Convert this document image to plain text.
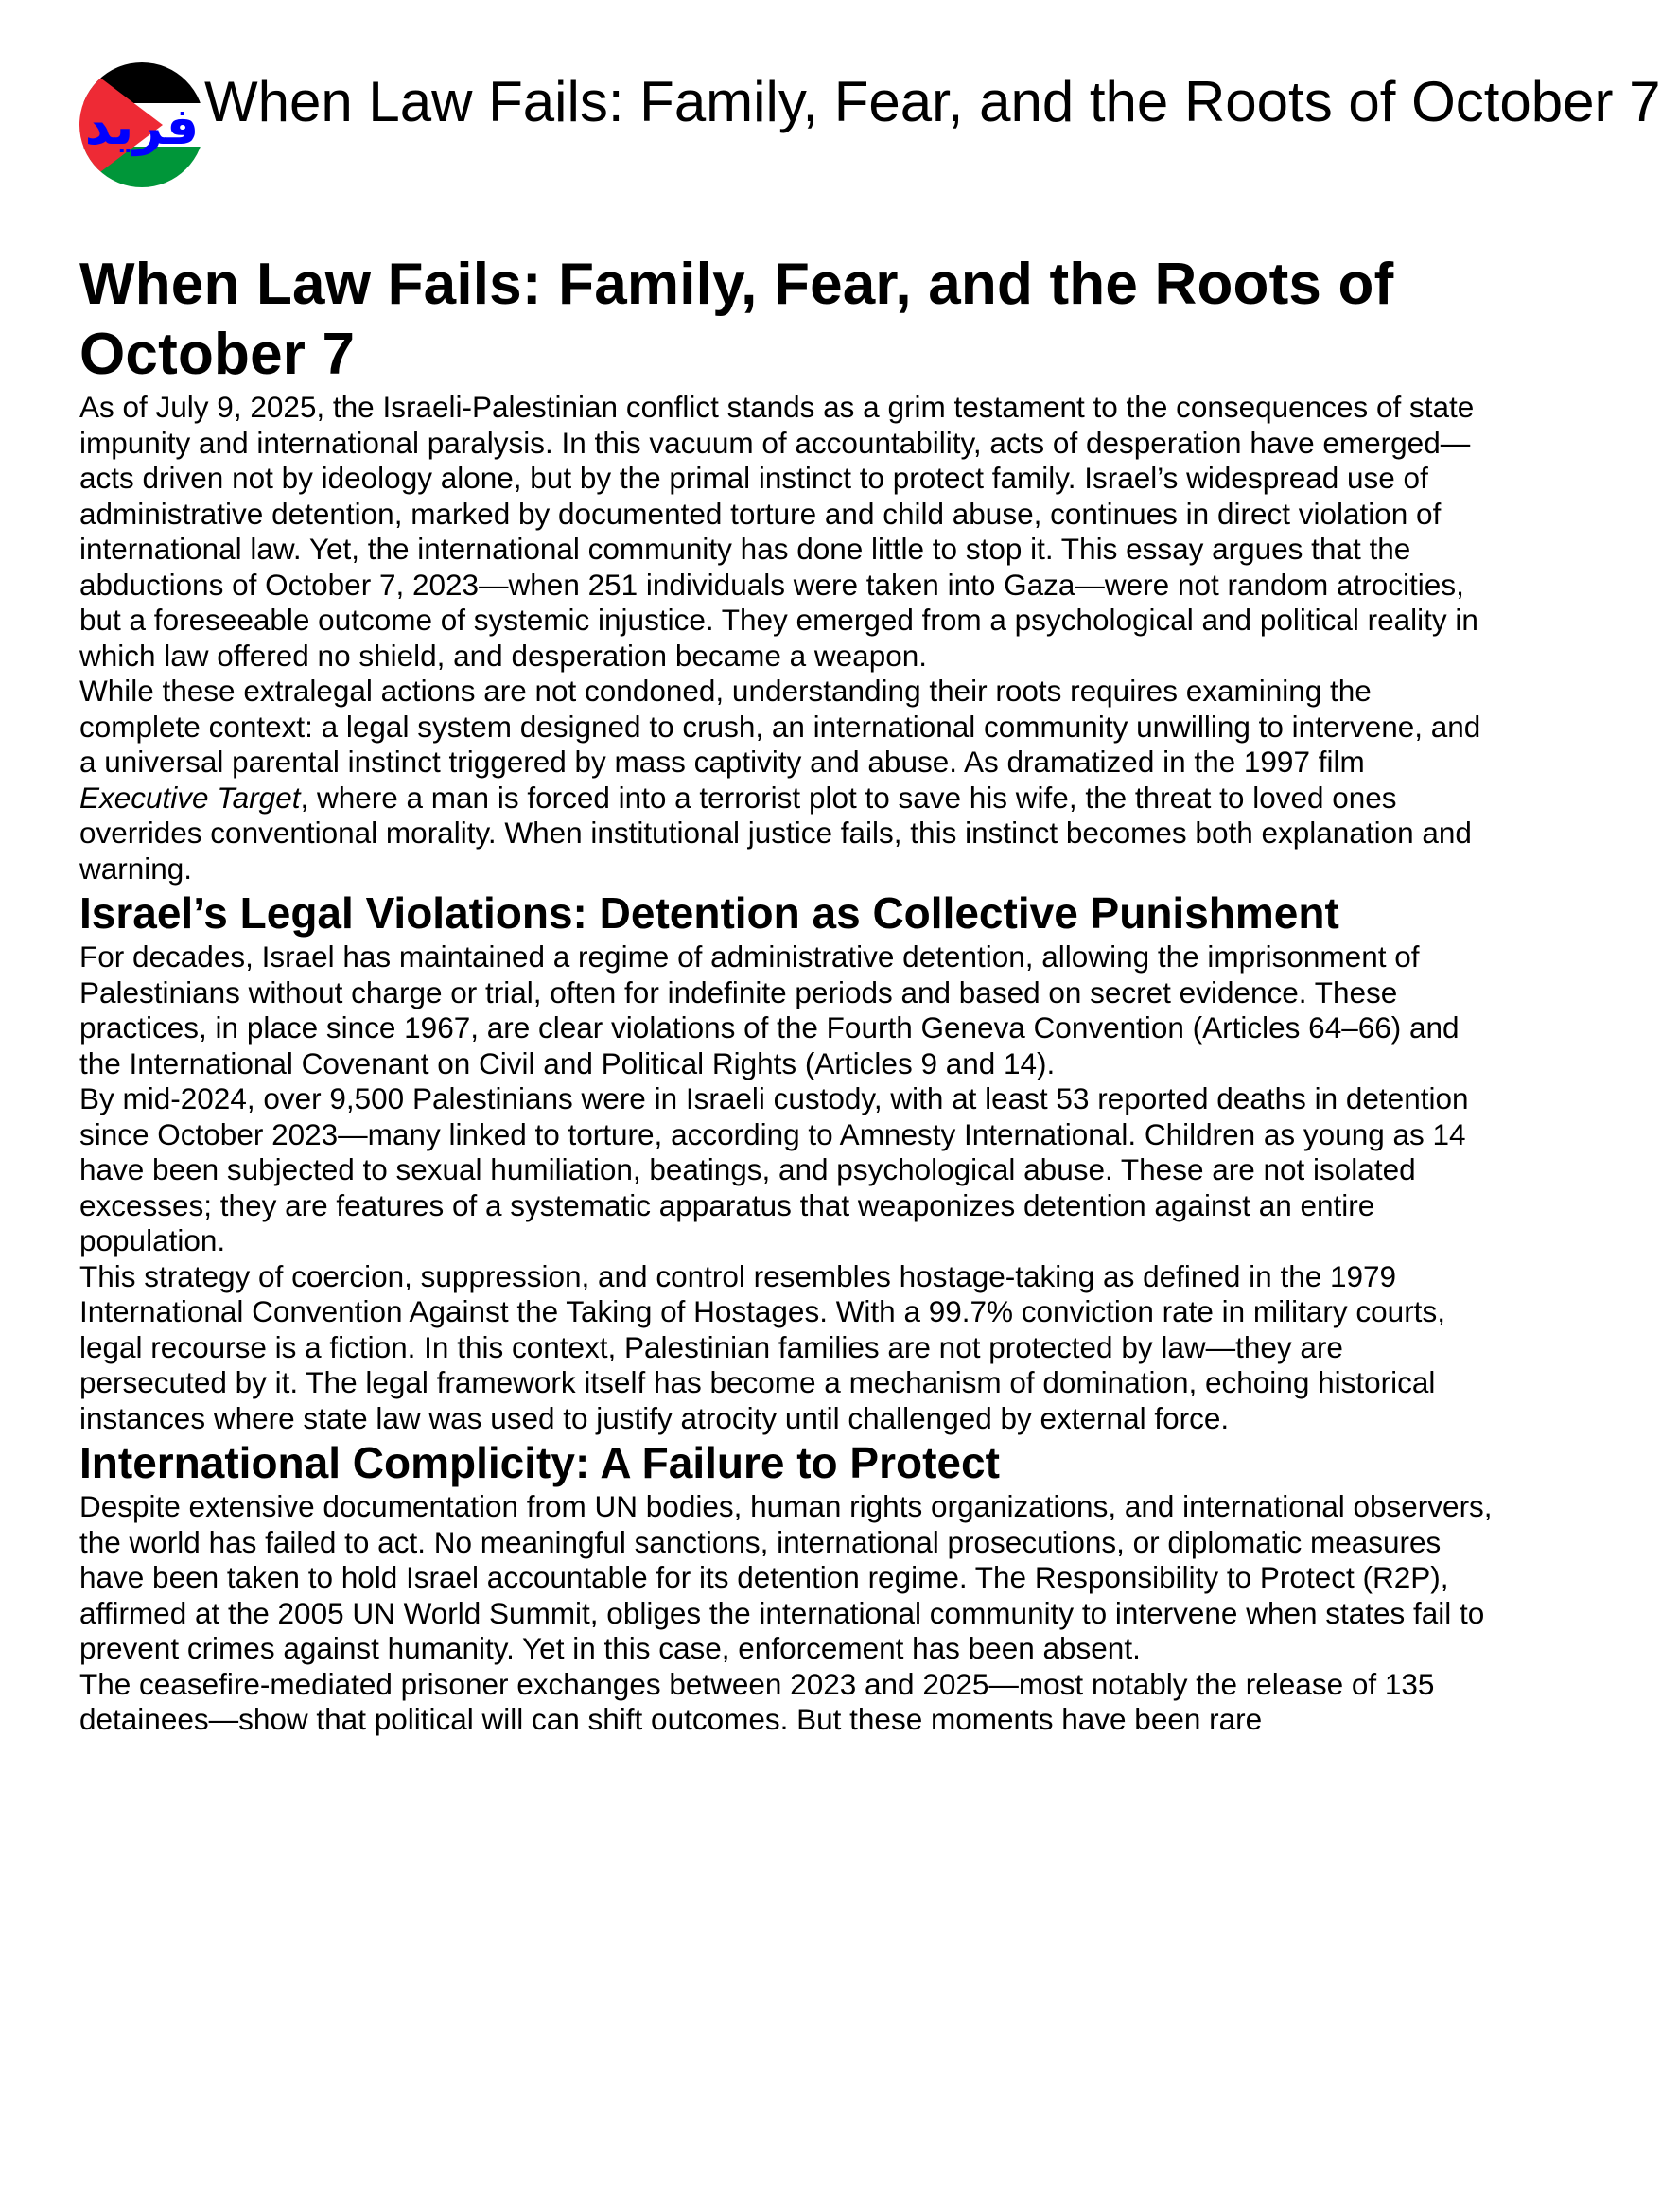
فريد When Law Fails: Family, Fear, and the Roots of October 7
When Law Fails: Family, Fear, and the Roots of October 7

As of July 9, 2025, the Israeli-Palestinian conflict stands as a grim testament to the consequences of state impunity and international paralysis. In this vacuum of accountability, acts of desperation have emerged—acts driven not by ideology alone, but by the primal instinct to protect family. Israel’s widespread use of administrative detention, marked by documented torture and child abuse, continues in direct violation of international law. Yet, the international community has done little to stop it. This essay argues that the abductions of October 7, 2023—when 251 individuals were taken into Gaza—were not random atrocities, but a foreseeable outcome of systemic injustice. They emerged from a psychological and political reality in which law offered no shield, and desperation became a weapon.

While these extralegal actions are not condoned, understanding their roots requires examining the complete context: a legal system designed to crush, an international community unwilling to intervene, and a universal parental instinct triggered by mass captivity and abuse. As dramatized in the 1997 film Executive Target, where a man is forced into a terrorist plot to save his wife, the threat to loved ones overrides conventional morality. When institutional justice fails, this instinct becomes both explanation and warning.

Israel’s Legal Violations: Detention as Collective Punishment

For decades, Israel has maintained a regime of administrative detention, allowing the imprisonment of Palestinians without charge or trial, often for indefinite periods and based on secret evidence. These practices, in place since 1967, are clear violations of the Fourth Geneva Convention (Articles 64–66) and the International Covenant on Civil and Political Rights (Articles 9 and 14).

By mid-2024, over 9,500 Palestinians were in Israeli custody, with at least 53 reported deaths in detention since October 2023—many linked to torture, according to Amnesty International. Children as young as 14 have been subjected to sexual humiliation, beatings, and psychological abuse. These are not isolated excesses; they are features of a systematic apparatus that weaponizes detention against an entire population.

This strategy of coercion, suppression, and control resembles hostage-taking as defined in the 1979 International Convention Against the Taking of Hostages. With a 99.7% conviction rate in military courts, legal recourse is a fiction. In this context, Palestinian families are not protected by law—they are persecuted by it. The legal framework itself has become a mechanism of domination, echoing historical instances where state law was used to justify atrocity until challenged by external force.

International Complicity: A Failure to Protect

Despite extensive documentation from UN bodies, human rights organizations, and international observers, the world has failed to act. No meaningful sanctions, international prosecutions, or diplomatic measures have been taken to hold Israel accountable for its detention regime. The Responsibility to Protect (R2P), affirmed at the 2005 UN World Summit, obliges the international community to intervene when states fail to prevent crimes against humanity. Yet in this case, enforcement has been absent.

The ceasefire-mediated prisoner exchanges between 2023 and 2025—most notably the release of 135 detainees—show that political will can shift outcomes. But these moments have been rare
